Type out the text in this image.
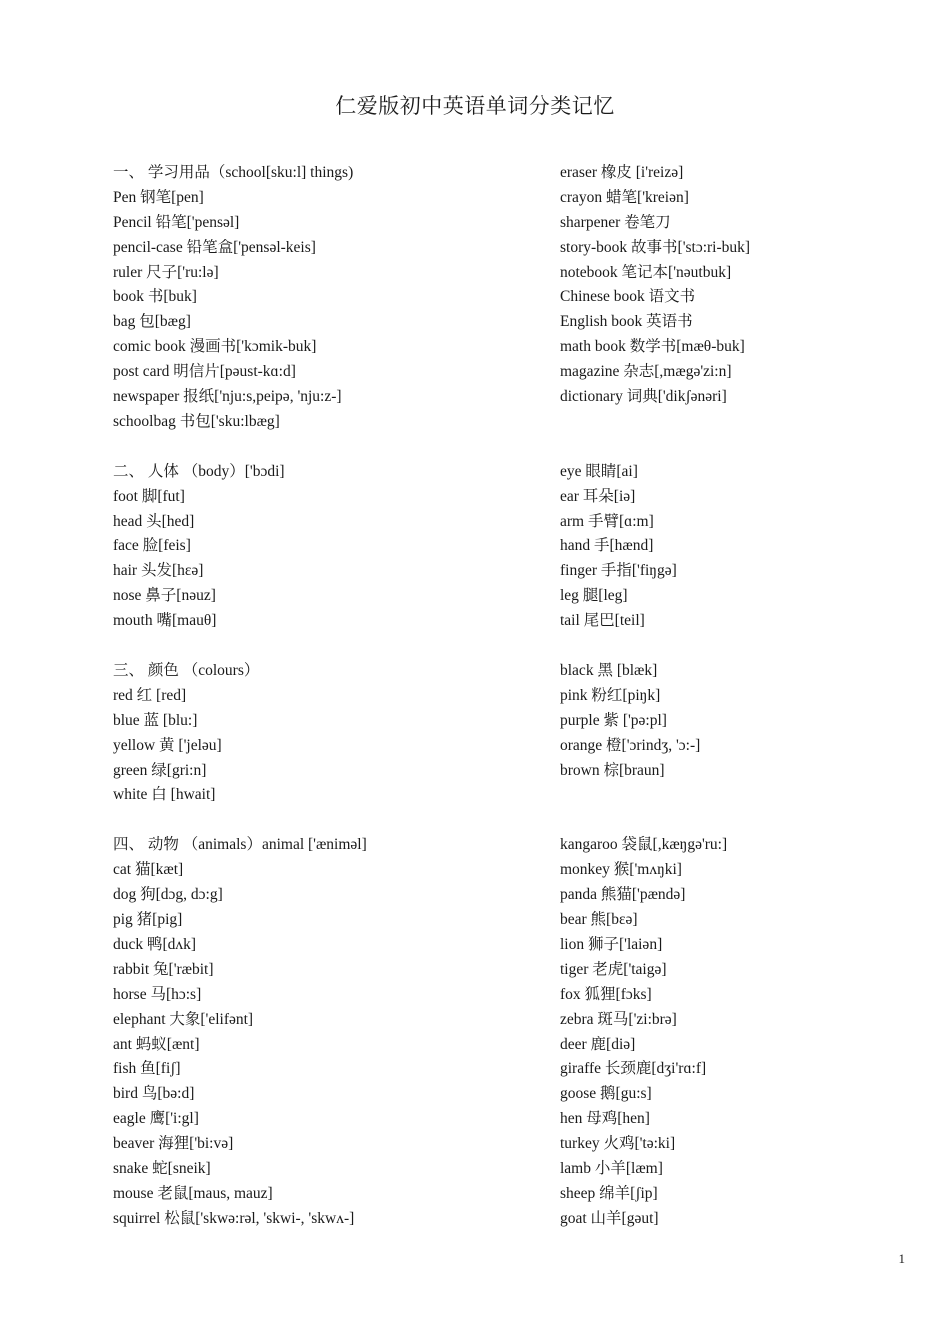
仁爱版初中英语单词分类记忆
一、 学习用品（school[sku:l] things)
Pen 钢笔[pen]
Pencil 铅笔['pensəl]
pencil-case 铅笔盒['pensəl-keis]
ruler 尺子['ru:lə]
book 书[buk]
bag 包[bæg]
comic book 漫画书['kɔmik-buk]
post card 明信片[pəust-kɑ:d]
newspaper 报纸['nju:s,peipə, 'nju:z-]
schoolbag 书包['sku:lbæg]
二、 人体 （body）['bɔdi]
foot 脚[fut]
head 头[hed]
face 脸[feis]
hair 头发[hεə]
nose 鼻子[nəuz]
mouth 嘴[mauθ]
三、 颜色 （colours）
red 红 [red]
blue 蓝 [blu:]
yellow 黄 ['jeləu]
green 绿[gri:n]
white 白 [hwait]
四、 动物 （animals）animal ['ænimәl]
cat 猫[kæt]
dog 狗[dɔg, dɔ:g]
pig 猪[pig]
duck 鸭[dʌk]
rabbit 兔['ræbit]
horse 马[hɔ:s]
elephant 大象['elifənt]
ant 蚂蚁[ænt]
fish 鱼[fiʃ]
bird 鸟[bə:d]
eagle 鹰['i:gl]
beaver 海狸['bi:və]
snake 蛇[sneik]
mouse 老鼠[maus, mauz]
squirrel 松鼠['skwə:rəl, 'skwi-, 'skwʌ-]
eraser 橡皮 [i'reizə]
crayon 蜡笔['kreiən]
sharpener 卷笔刀
story-book 故事书['stɔ:ri-buk]
notebook 笔记本['nəutbuk]
Chinese book 语文书
English book 英语书
math book 数学书[mæθ-buk]
magazine 杂志[,mægə'zi:n]
dictionary 词典['dikʃənəri]
eye 眼睛[ai]
ear 耳朵[iə]
arm 手臂[ɑ:m]
hand 手[hænd]
finger 手指['fiŋgə]
leg 腿[leg]
tail 尾巴[teil]
black 黑 [blæk]
pink 粉红[piŋk]
purple 紫 ['pə:pl]
orange 橙['ɔrindʒ, 'ɔ:-]
brown 棕[braun]
kangaroo 袋鼠[,kæŋgə'ru:]
monkey 猴['mʌŋki]
panda 熊猫['pændә]
bear 熊[bεə]
lion 狮子['laiən]
tiger 老虎['taigə]
fox 狐狸[fɔks]
zebra 斑马['zi:brə]
deer 鹿[diə]
giraffe 长颈鹿[dʒi'rɑ:f]
goose 鹅[gu:s]
hen 母鸡[hen]
turkey 火鸡['tə:ki]
lamb 小羊[læm]
sheep 绵羊[ʃip]
goat 山羊[gəut]
1
